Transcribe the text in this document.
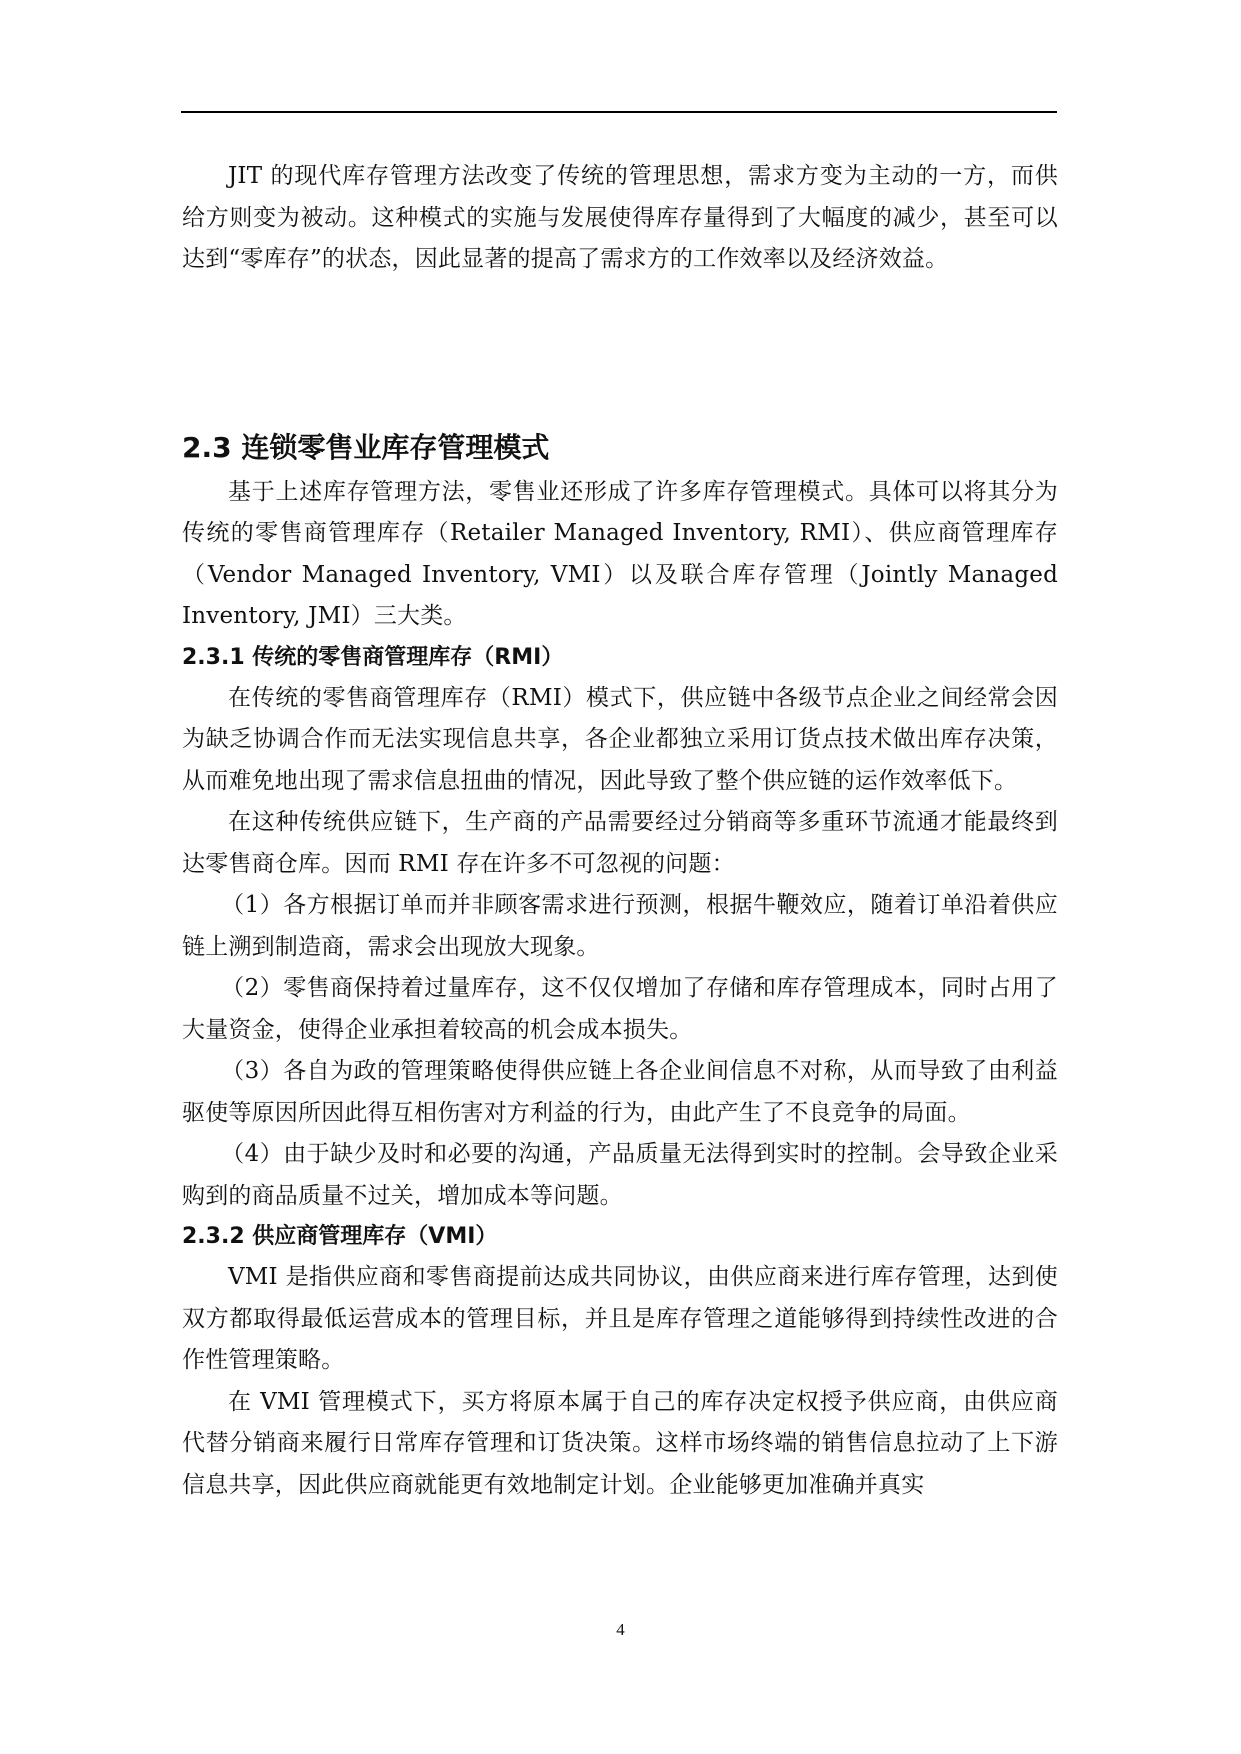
JIT 的现代库存管理方法改变了传统的管理思想，需求方变为主动的一方，而供给方则变为被动。这种模式的实施与发展使得库存量得到了大幅度的减少，甚至可以达到“零库存”的状态，因此显著的提高了需求方的工作效率以及经济效益。

2.3 连锁零售业库存管理模式

基于上述库存管理方法，零售业还形成了许多库存管理模式。具体可以将其分为传统的零售商管理库存（Retailer Managed Inventory, RMI）、供应商管理库存（Vendor Managed Inventory, VMI）以及联合库存管理（Jointly Managed Inventory, JMI）三大类。

2.3.1 传统的零售商管理库存（RMI）

在传统的零售商管理库存（RMI）模式下，供应链中各级节点企业之间经常会因为缺乏协调合作而无法实现信息共享，各企业都独立采用订货点技术做出库存决策，从而难免地出现了需求信息扭曲的情况，因此导致了整个供应链的运作效率低下。

在这种传统供应链下，生产商的产品需要经过分销商等多重环节流通才能最终到达零售商仓库。因而 RMI 存在许多不可忽视的问题：

（1）各方根据订单而并非顾客需求进行预测，根据牛鞭效应，随着订单沿着供应链上溯到制造商，需求会出现放大现象。

（2）零售商保持着过量库存，这不仅仅增加了存储和库存管理成本，同时占用了大量资金，使得企业承担着较高的机会成本损失。

（3）各自为政的管理策略使得供应链上各企业间信息不对称，从而导致了由利益驱使等原因所因此得互相伤害对方利益的行为，由此产生了不良竞争的局面。

（4）由于缺少及时和必要的沟通，产品质量无法得到实时的控制。会导致企业采购到的商品质量不过关，增加成本等问题。

2.3.2 供应商管理库存（VMI）

VMI 是指供应商和零售商提前达成共同协议，由供应商来进行库存管理，达到使双方都取得最低运营成本的管理目标，并且是库存管理之道能够得到持续性改进的合作性管理策略。

在 VMI 管理模式下，买方将原本属于自己的库存决定权授予供应商，由供应商代替分销商来履行日常库存管理和订货决策。这样市场终端的销售信息拉动了上下游信息共享，因此供应商就能更有效地制定计划。企业能够更加准确并真实

4
